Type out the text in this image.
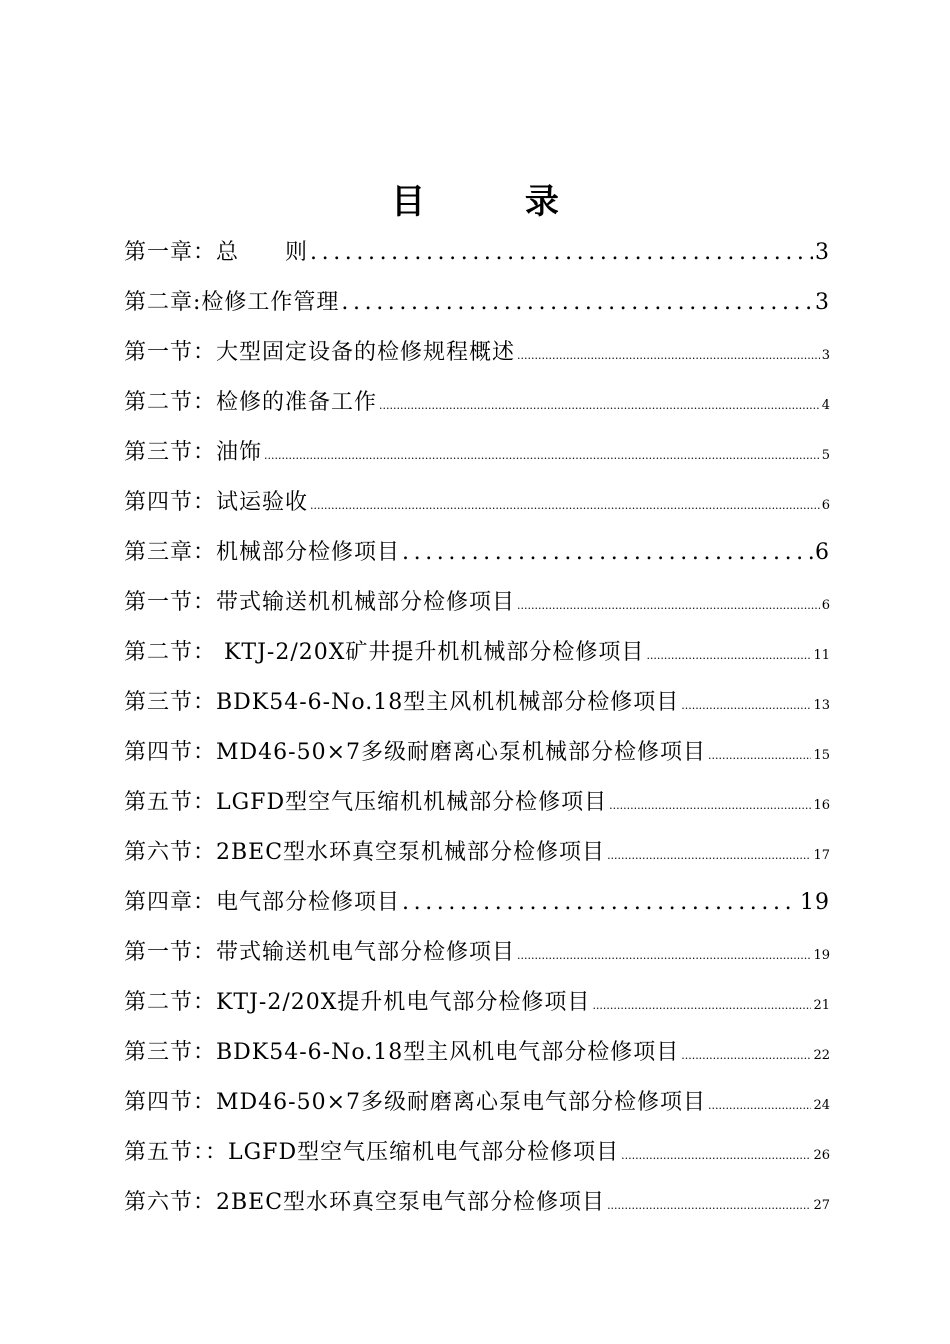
目 录
第一章：总　　则 .....	3
第二章:检修工作管理 .....	3
第一节：大型固定设备的检修规程概述 .....	3
第二节：检修的准备工作 .....	4
第三节：油饰 .....	5
第四节：试运验收 .....	6
第三章：机械部分检修项目 .....	6
第一节：带式输送机机械部分检修项目 .....	6
第二节： KTJ-2/20X矿井提升机机械部分检修项目 .....	11
第三节：BDK54-6-No.18型主风机机械部分检修项目 .....	13
第四节：MD46-50×7多级耐磨离心泵机械部分检修项目 .....	15
第五节：LGFD型空气压缩机机械部分检修项目 .....	16
第六节：2BEC型水环真空泵机械部分检修项目 .....	17
第四章：电气部分检修项目 .....	19
第一节：带式输送机电气部分检修项目 .....	19
第二节：KTJ-2/20X提升机电气部分检修项目 .....	21
第三节：BDK54-6-No.18型主风机电气部分检修项目 .....	22
第四节：MD46-50×7多级耐磨离心泵电气部分检修项目 .....	24
第五节：：LGFD型空气压缩机电气部分检修项目 .....	26
第六节：2BEC型水环真空泵电气部分检修项目 .....	27
